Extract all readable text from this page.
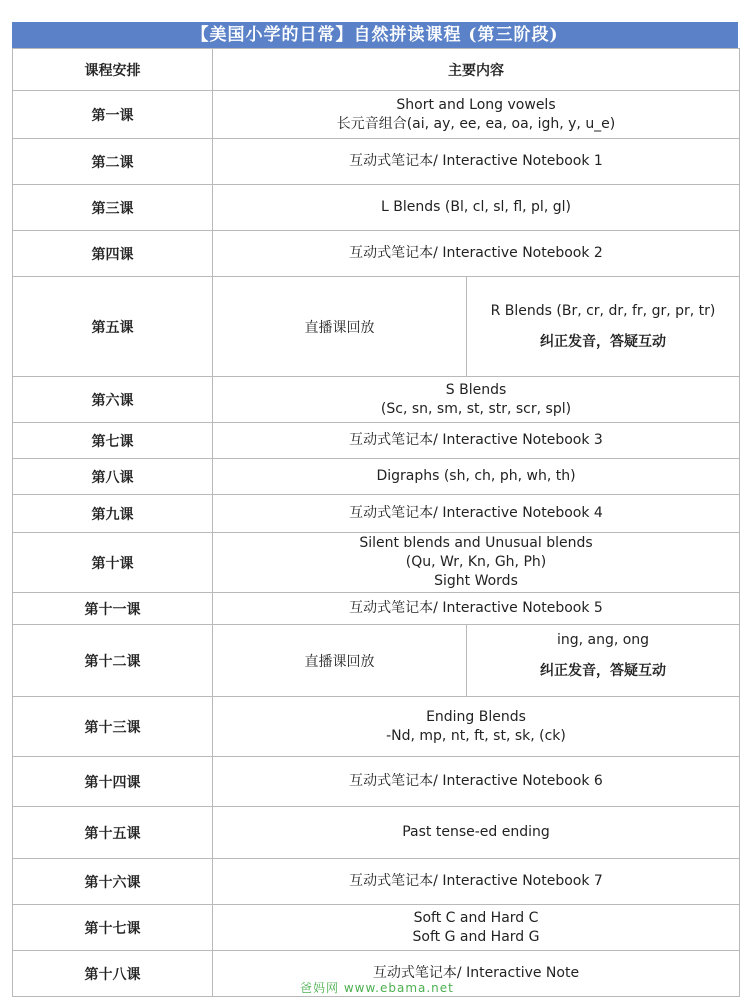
【美国小学的日常】自然拼读课程 (第三阶段)
课程安排	主要内容	
第一课	Short and Long vowels
长元音组合(ai, ay, ee, ea, oa, igh, y, u_e)	

第二课	互动式笔记本/ Interactive Notebook 1	

第三课	L Blends (Bl, cl, sl, fl, pl, gl)	

第四课	互动式笔记本/ Interactive Notebook 2	

第五课	直播课回放	R Blends (Br, cr, dr, fr, gr, pr, tr)
纠正发音，答疑互动

第六课	S Blends
(Sc, sn, sm, st, str, scr, spl)	

第七课	互动式笔记本/ Interactive Notebook 3	

第八课	Digraphs (sh, ch, ph, wh, th)	

第九课	互动式笔记本/ Interactive Notebook 4	

第十课	Silent blends and Unusual blends
(Qu, Wr, Kn, Gh, Ph)
Sight Words	

第十一课	互动式笔记本/ Interactive Notebook 5	

第十二课	直播课回放	ing, ang, ong
纠正发音，答疑互动

第十三课	Ending Blends
-Nd, mp, nt, ft, st, sk, (ck)	

第十四课	互动式笔记本/ Interactive Notebook 6	

第十五课	Past tense-ed ending	

第十六课	互动式笔记本/ Interactive Notebook 7	

第十七课	Soft C and Hard C
Soft G and Hard G	

第十八课	互动式笔记本/ Interactive Note	
爸妈网 www.ebama.net
